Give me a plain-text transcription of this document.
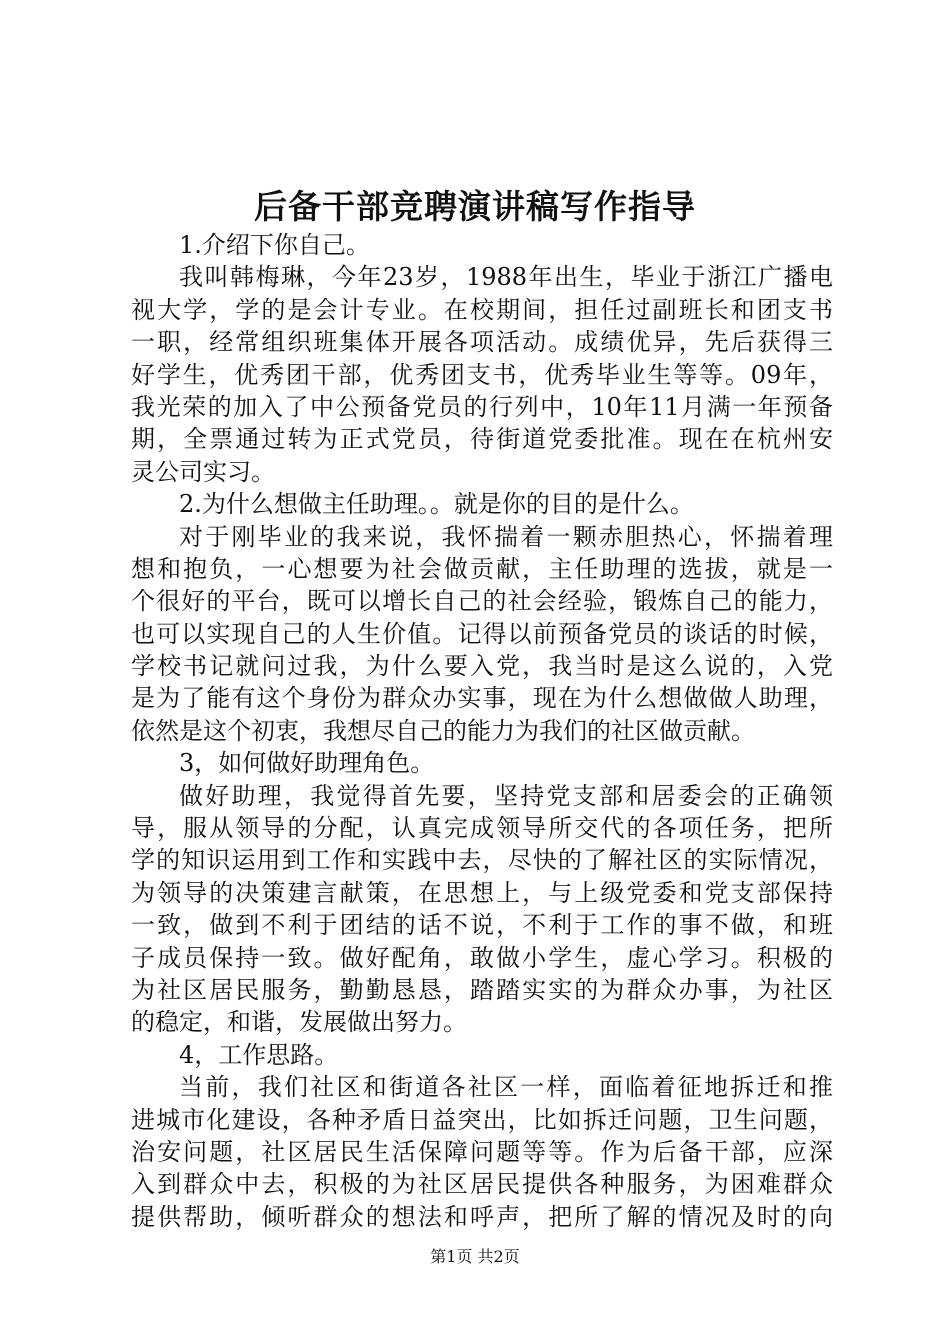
后备干部竞聘演讲稿写作指导
1.介绍下你自己。
我叫韩梅琳，今年23岁，1988年出生，毕业于浙江广播电
视大学，学的是会计专业。在校期间，担任过副班长和团支书
一职，经常组织班集体开展各项活动。成绩优异，先后获得三
好学生，优秀团干部，优秀团支书，优秀毕业生等等。09年，
我光荣的加入了中公预备党员的行列中，10年11月满一年预备
期，全票通过转为正式党员，待街道党委批准。现在在杭州安
灵公司实习。
2.为什么想做主任助理。。就是你的目的是什么。
对于刚毕业的我来说，我怀揣着一颗赤胆热心，怀揣着理
想和抱负，一心想要为社会做贡献，主任助理的选拔，就是一
个很好的平台，既可以增长自己的社会经验，锻炼自己的能力，
也可以实现自己的人生价值。记得以前预备党员的谈话的时候，
学校书记就问过我，为什么要入党，我当时是这么说的，入党
是为了能有这个身份为群众办实事，现在为什么想做做人助理，
依然是这个初衷，我想尽自己的能力为我们的社区做贡献。
3，如何做好助理角色。
做好助理，我觉得首先要，坚持党支部和居委会的正确领
导，服从领导的分配，认真完成领导所交代的各项任务，把所
学的知识运用到工作和实践中去，尽快的了解社区的实际情况，
为领导的决策建言献策，在思想上，与上级党委和党支部保持
一致，做到不利于团结的话不说，不利于工作的事不做，和班
子成员保持一致。做好配角，敢做小学生，虚心学习。积极的
为社区居民服务，勤勤恳恳，踏踏实实的为群众办事，为社区
的稳定，和谐，发展做出努力。
4，工作思路。
当前，我们社区和街道各社区一样，面临着征地拆迁和推
进城市化建设，各种矛盾日益突出，比如拆迁问题，卫生问题，
治安问题，社区居民生活保障问题等等。作为后备干部，应深
入到群众中去，积极的为社区居民提供各种服务，为困难群众
提供帮助，倾听群众的想法和呼声，把所了解的情况及时的向
第1页 共2页
